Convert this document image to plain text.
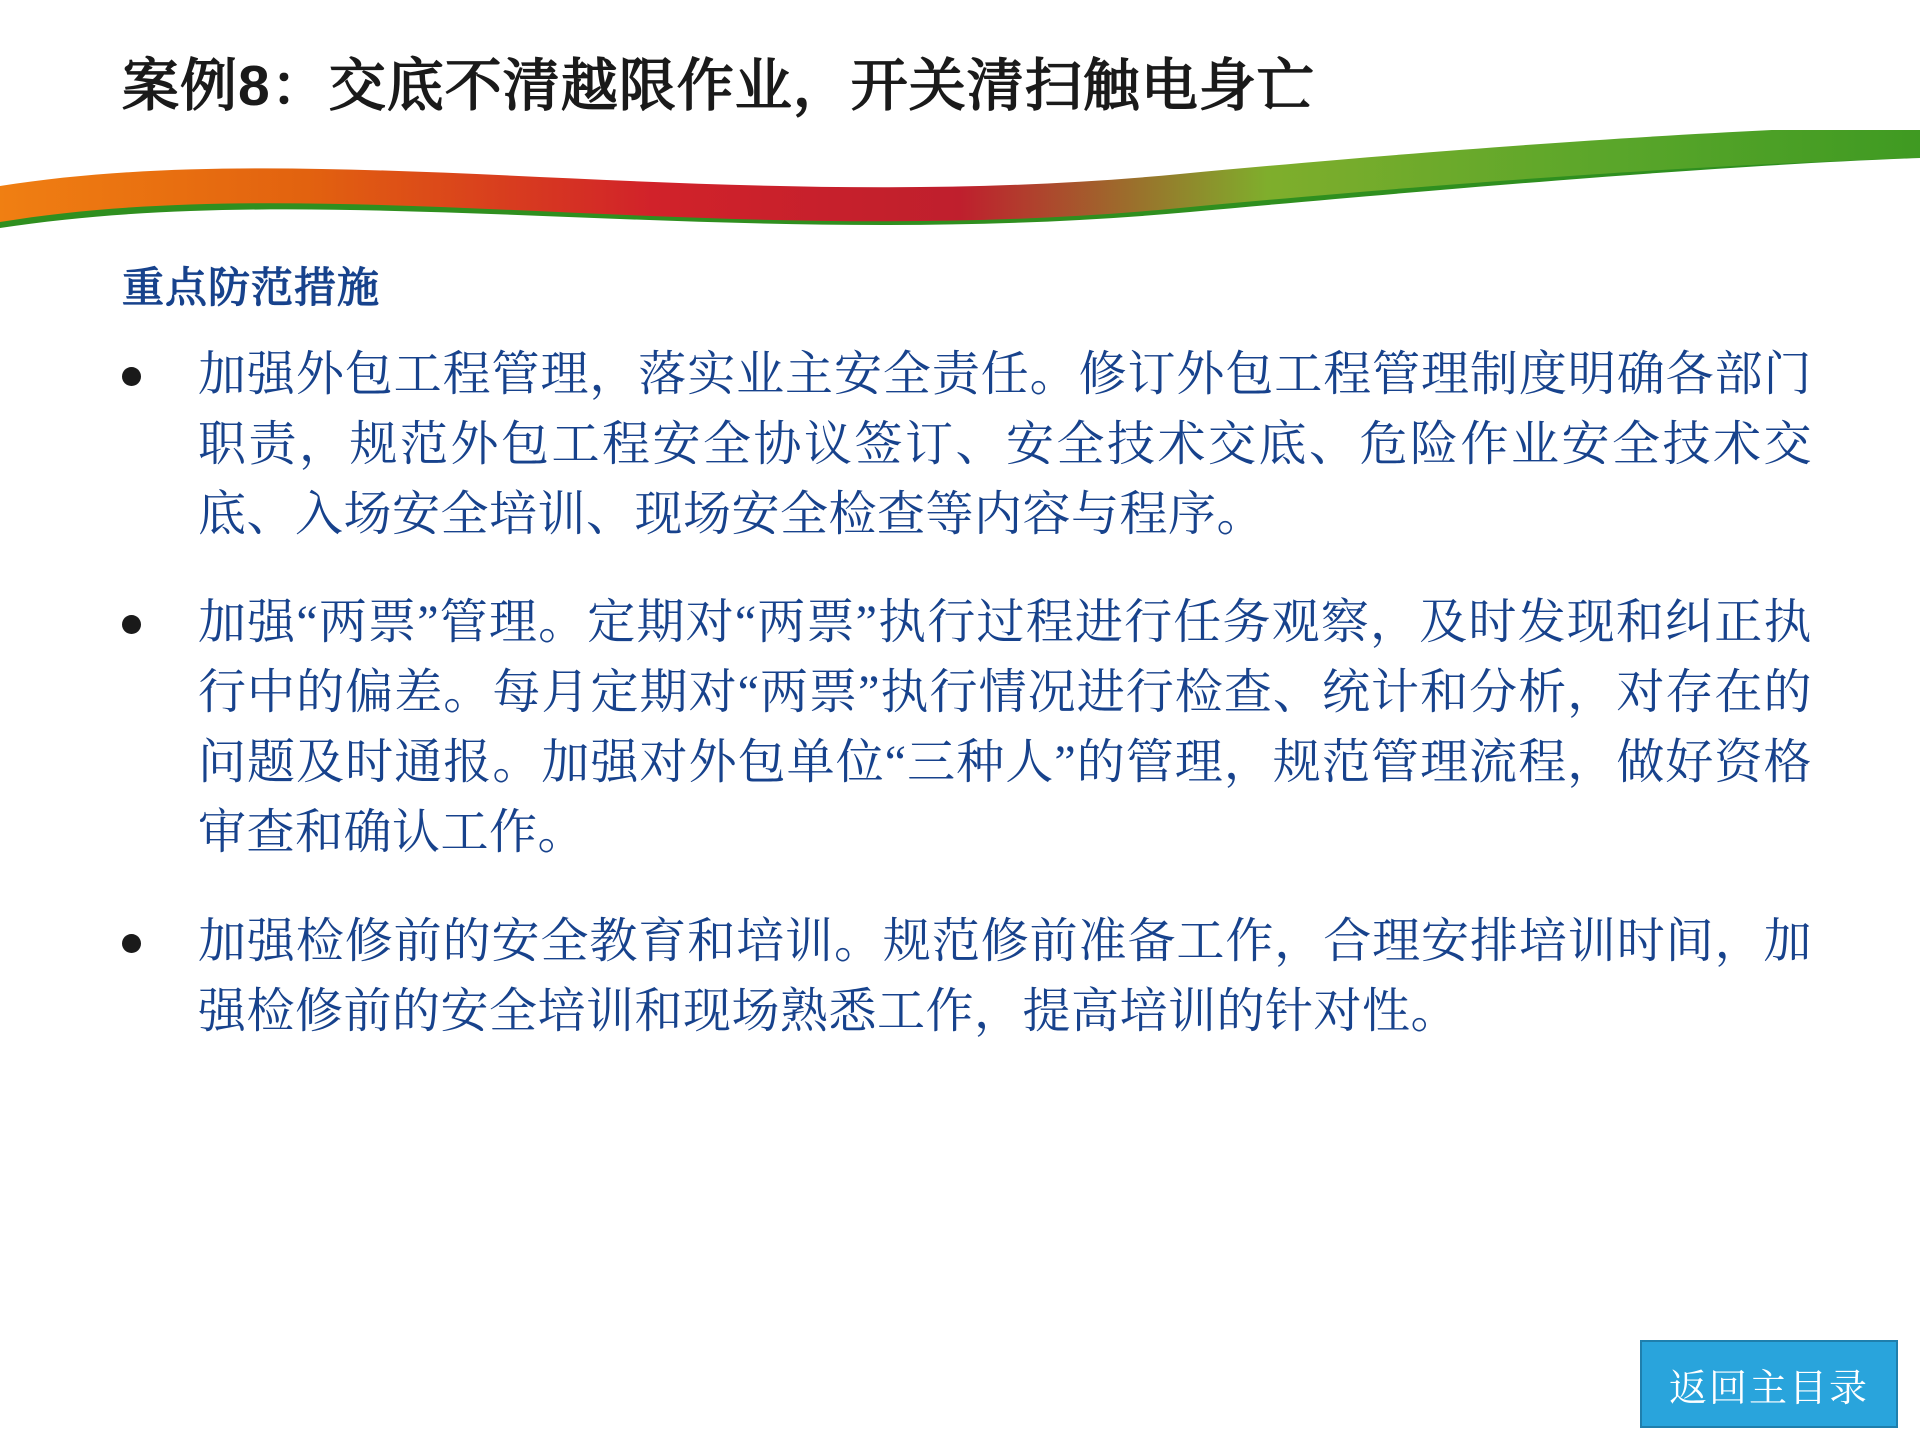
案例8：交底不清越限作业，开关清扫触电身亡
重点防范措施
加强外包工程管理，落实业主安全责任。修订外包工程管理制度明确各部门职责，规范外包工程安全协议签订、安全技术交底、危险作业安全技术交底、入场安全培训、现场安全检查等内容与程序。
加强“两票”管理。定期对“两票”执行过程进行任务观察，及时发现和纠正执行中的偏差。每月定期对“两票”执行情况进行检查、统计和分析，对存在的问题及时通报。加强对外包单位“三种人”的管理，规范管理流程，做好资格审查和确认工作。
加强检修前的安全教育和培训。规范修前准备工作，合理安排培训时间，加强检修前的安全培训和现场熟悉工作，提高培训的针对性。
返回主目录
